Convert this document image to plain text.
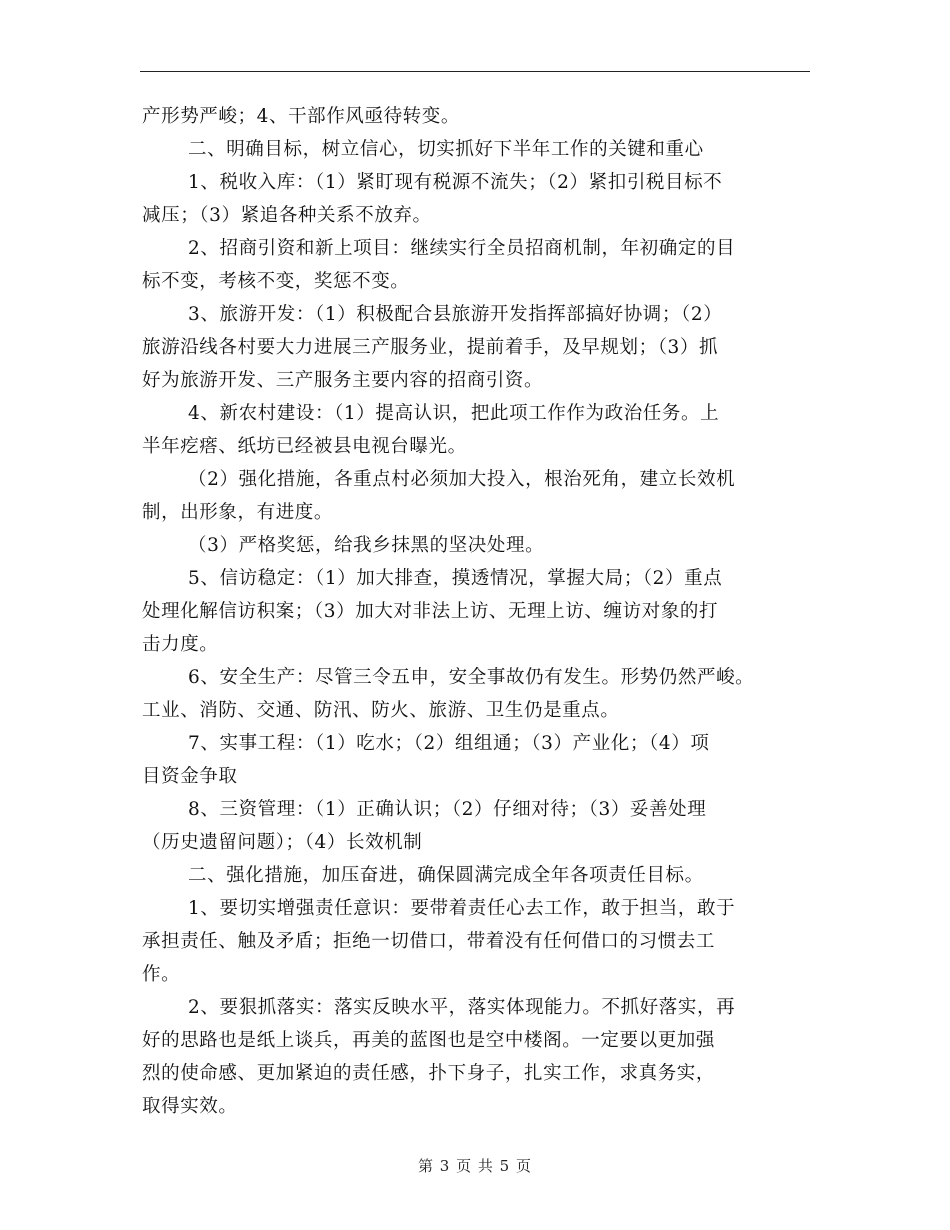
产形势严峻；4、干部作风亟待转变。
二、明确目标，树立信心，切实抓好下半年工作的关键和重心
1、税收入库：（1）紧盯现有税源不流失；（2）紧扣引税目标不
减压；（3）紧追各种关系不放弃。
2、招商引资和新上项目：继续实行全员招商机制，年初确定的目
标不变，考核不变，奖惩不变。
3、旅游开发：（1）积极配合县旅游开发指挥部搞好协调；（2）
旅游沿线各村要大力进展三产服务业，提前着手，及早规划；（3）抓
好为旅游开发、三产服务主要内容的招商引资。
4、新农村建设：（1）提高认识，把此项工作作为政治任务。上
半年疙瘩、纸坊已经被县电视台曝光。
（2）强化措施，各重点村必须加大投入，根治死角，建立长效机
制，出形象，有进度。
（3）严格奖惩，给我乡抹黑的坚决处理。
5、信访稳定：（1）加大排查，摸透情况，掌握大局；（2）重点
处理化解信访积案；（3）加大对非法上访、无理上访、缠访对象的打
击力度。
6、安全生产：尽管三令五申，安全事故仍有发生。形势仍然严峻。
工业、消防、交通、防汛、防火、旅游、卫生仍是重点。
7、实事工程：（1）吃水；（2）组组通；（3）产业化；（4）项
目资金争取
8、三资管理：（1）正确认识；（2）仔细对待；（3）妥善处理
（历史遗留问题）；（4）长效机制
二、强化措施，加压奋进，确保圆满完成全年各项责任目标。
1、要切实增强责任意识：要带着责任心去工作，敢于担当，敢于
承担责任、触及矛盾；拒绝一切借口，带着没有任何借口的习惯去工
作。
2、要狠抓落实：落实反映水平，落实体现能力。不抓好落实，再
好的思路也是纸上谈兵，再美的蓝图也是空中楼阁。一定要以更加强
烈的使命感、更加紧迫的责任感，扑下身子，扎实工作，求真务实，
取得实效。
第 3 页 共 5 页
